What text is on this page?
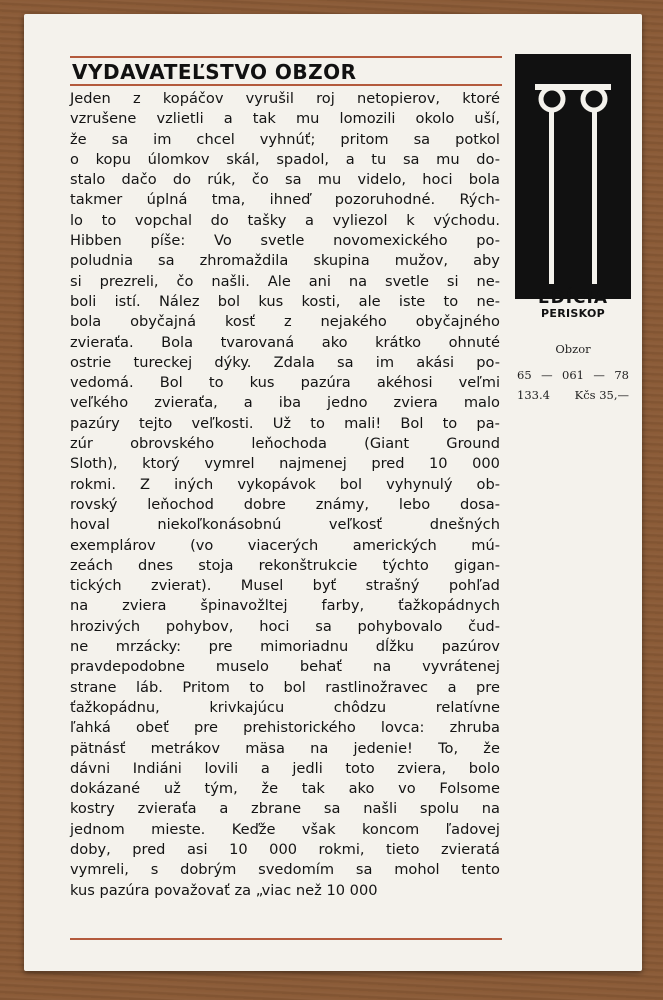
VYDAVATEĽSTVO OBZOR
Jeden z kopáčov vyrušil roj netopierov, ktoré
vzrušene vzlietli a tak mu lomozili okolo uší,
že sa im chcel vyhnúť; pritom sa potkol
o kopu úlomkov skál, spadol, a tu sa mu do-
stalo dačo do rúk, čo sa mu videlo, hoci bola
takmer úplná tma, ihneď pozoruhodné. Rých-
lo to vopchal do tašky a vyliezol k východu.
Hibben píše: Vo svetle novomexického po-
poludnia sa zhromaždila skupina mužov, aby
si prezreli, čo našli. Ale ani na svetle si ne-
boli istí. Nález bol kus kosti, ale iste to ne-
bola obyčajná kosť z nejakého obyčajného
zvieraťa. Bola tvarovaná ako krátko ohnuté
ostrie tureckej dýky. Zdala sa im akási po-
vedomá. Bol to kus pazúra akéhosi veľmi
veľkého zvieraťa, a iba jedno zviera malo
pazúry tejto veľkosti. Už to mali! Bol to pa-
zúr	obrovského	leňochoda	(Giant	Ground
Sloth), ktorý vymrel najmenej pred 10 000
rokmi. Z iných vykopávok bol vyhynulý ob-
rovský leňochod dobre známy, lebo dosa-
hoval	niekoľkonásobnú	veľkosť	dnešných
exemplárov (vo viacerých amerických mú-
zeách dnes stoja rekonštrukcie týchto gigan-
tických zvierat). Musel byť strašný pohľad
na zviera špinavožltej farby, ťažkopádnych
hrozivých pohybov, hoci sa pohybovalo čud-
ne mrzácky: pre mimoriadnu dĺžku pazúrov
pravdepodobne muselo behať na vyvrátenej
strane láb. Pritom to bol rastlinožravec a pre
ťažkopádnu,	krivkajúcu	chôdzu	relatívne
ľahká obeť pre prehistorického lovca: zhruba
pätnásť metrákov mäsa na jedenie! To, že
dávni Indiáni lovili a jedli toto zviera, bolo
dokázané už tým, že tak ako vo Folsome
kostry zvieraťa a zbrane sa našli spolu na
jednom mieste. Keďže však koncom ľadovej
doby, pred asi 10 000 rokmi, tieto zvieratá
vymreli, s dobrým svedomím sa mohol tento
kus pazúra považovať za „viac než 10 000
EDÍCIA
PERISKOP
Obzor
65 — 061 — 78
133.4 Kčs 35,—
